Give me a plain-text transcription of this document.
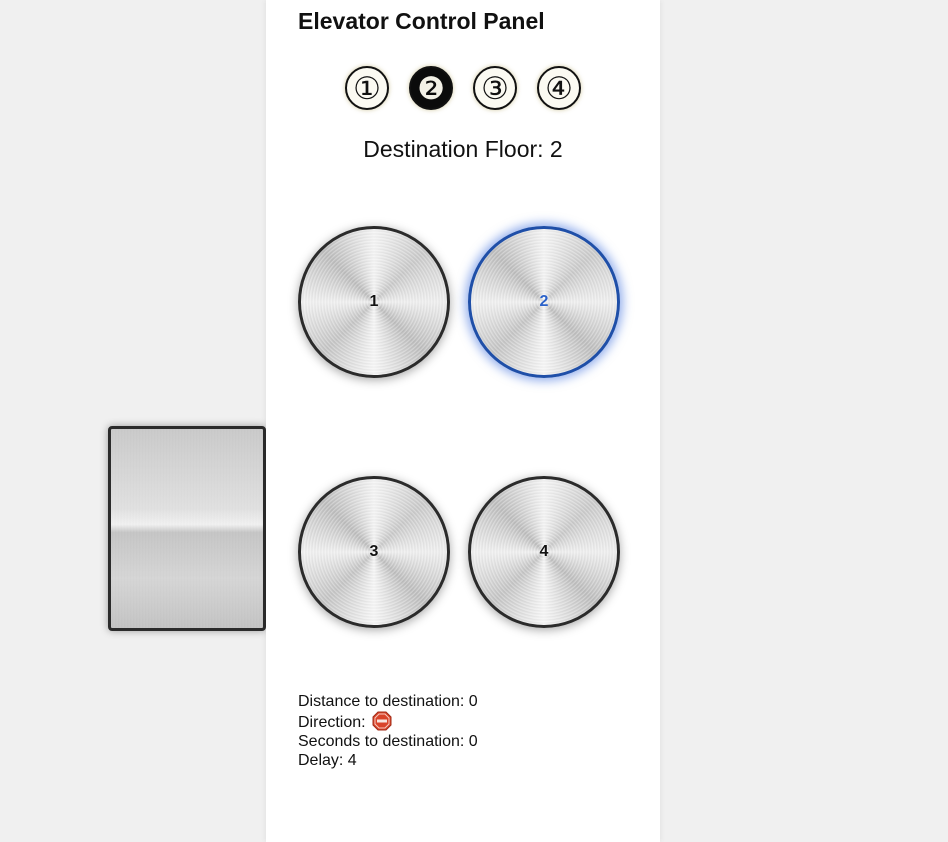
Elevator Control Panel
① ❷ ③ ④
Destination Floor: 2
1	2
3	4
Distance to destination: 0
Direction:
Seconds to destination: 0
Delay: 4
